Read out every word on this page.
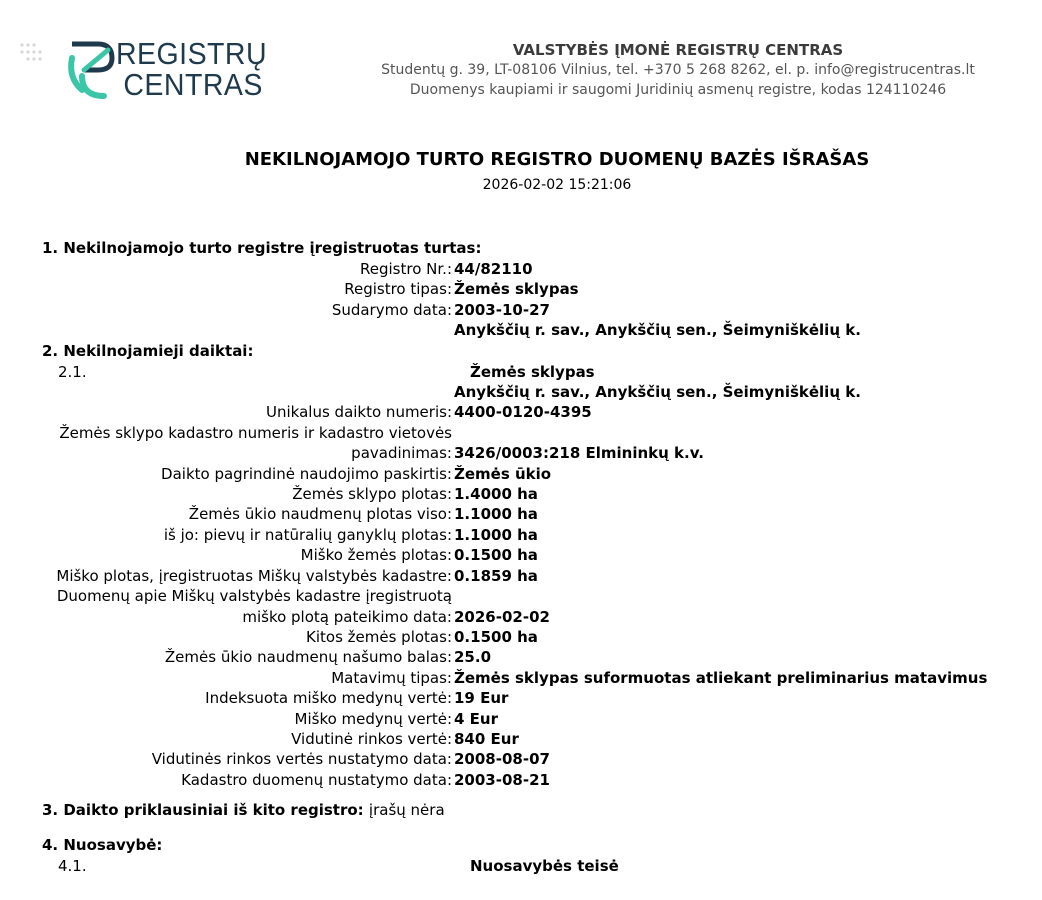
REGISTRŲ
CENTRAS
VALSTYBĖS ĮMONĖ REGISTRŲ CENTRAS
Studentų g. 39, LT-08106 Vilnius, tel. +370 5 268 8262, el. p. info@registrucentras.lt
Duomenys kaupiami ir saugomi Juridinių asmenų registre, kodas 124110246
NEKILNOJAMOJO TURTO REGISTRO DUOMENŲ BAZĖS IŠRAŠAS
2026-02-02 15:21:06
1. Nekilnojamojo turto registre įregistruotas turtas:
Registro Nr.: 44/82110
Registro tipas: Žemės sklypas
Sudarymo data: 2003-10-27
Anykščių r. sav., Anykščių sen., Šeimyniškėlių k.
2. Nekilnojamieji daiktai:
2.1.	Žemės sklypas
Anykščių r. sav., Anykščių sen., Šeimyniškėlių k.
Unikalus daikto numeris: 4400-0120-4395
Žemės sklypo kadastro numeris ir kadastro vietovės
pavadinimas: 3426/0003:218 Elmininkų k.v.
Daikto pagrindinė naudojimo paskirtis: Žemės ūkio
Žemės sklypo plotas: 1.4000 ha
Žemės ūkio naudmenų plotas viso: 1.1000 ha
iš jo: pievų ir natūralių ganyklų plotas: 1.1000 ha
Miško žemės plotas: 0.1500 ha
Miško plotas, įregistruotas Miškų valstybės kadastre: 0.1859 ha
Duomenų apie Miškų valstybės kadastre įregistruotą
miško plotą pateikimo data: 2026-02-02
Kitos žemės plotas: 0.1500 ha
Žemės ūkio naudmenų našumo balas: 25.0
Matavimų tipas: Žemės sklypas suformuotas atliekant preliminarius matavimus
Indeksuota miško medynų vertė: 19 Eur
Miško medynų vertė: 4 Eur
Vidutinė rinkos vertė: 840 Eur
Vidutinės rinkos vertės nustatymo data: 2008-08-07
Kadastro duomenų nustatymo data: 2003-08-21
3. Daikto priklausiniai iš kito registro: įrašų nėra
4. Nuosavybė:
4.1.	Nuosavybės teisė
